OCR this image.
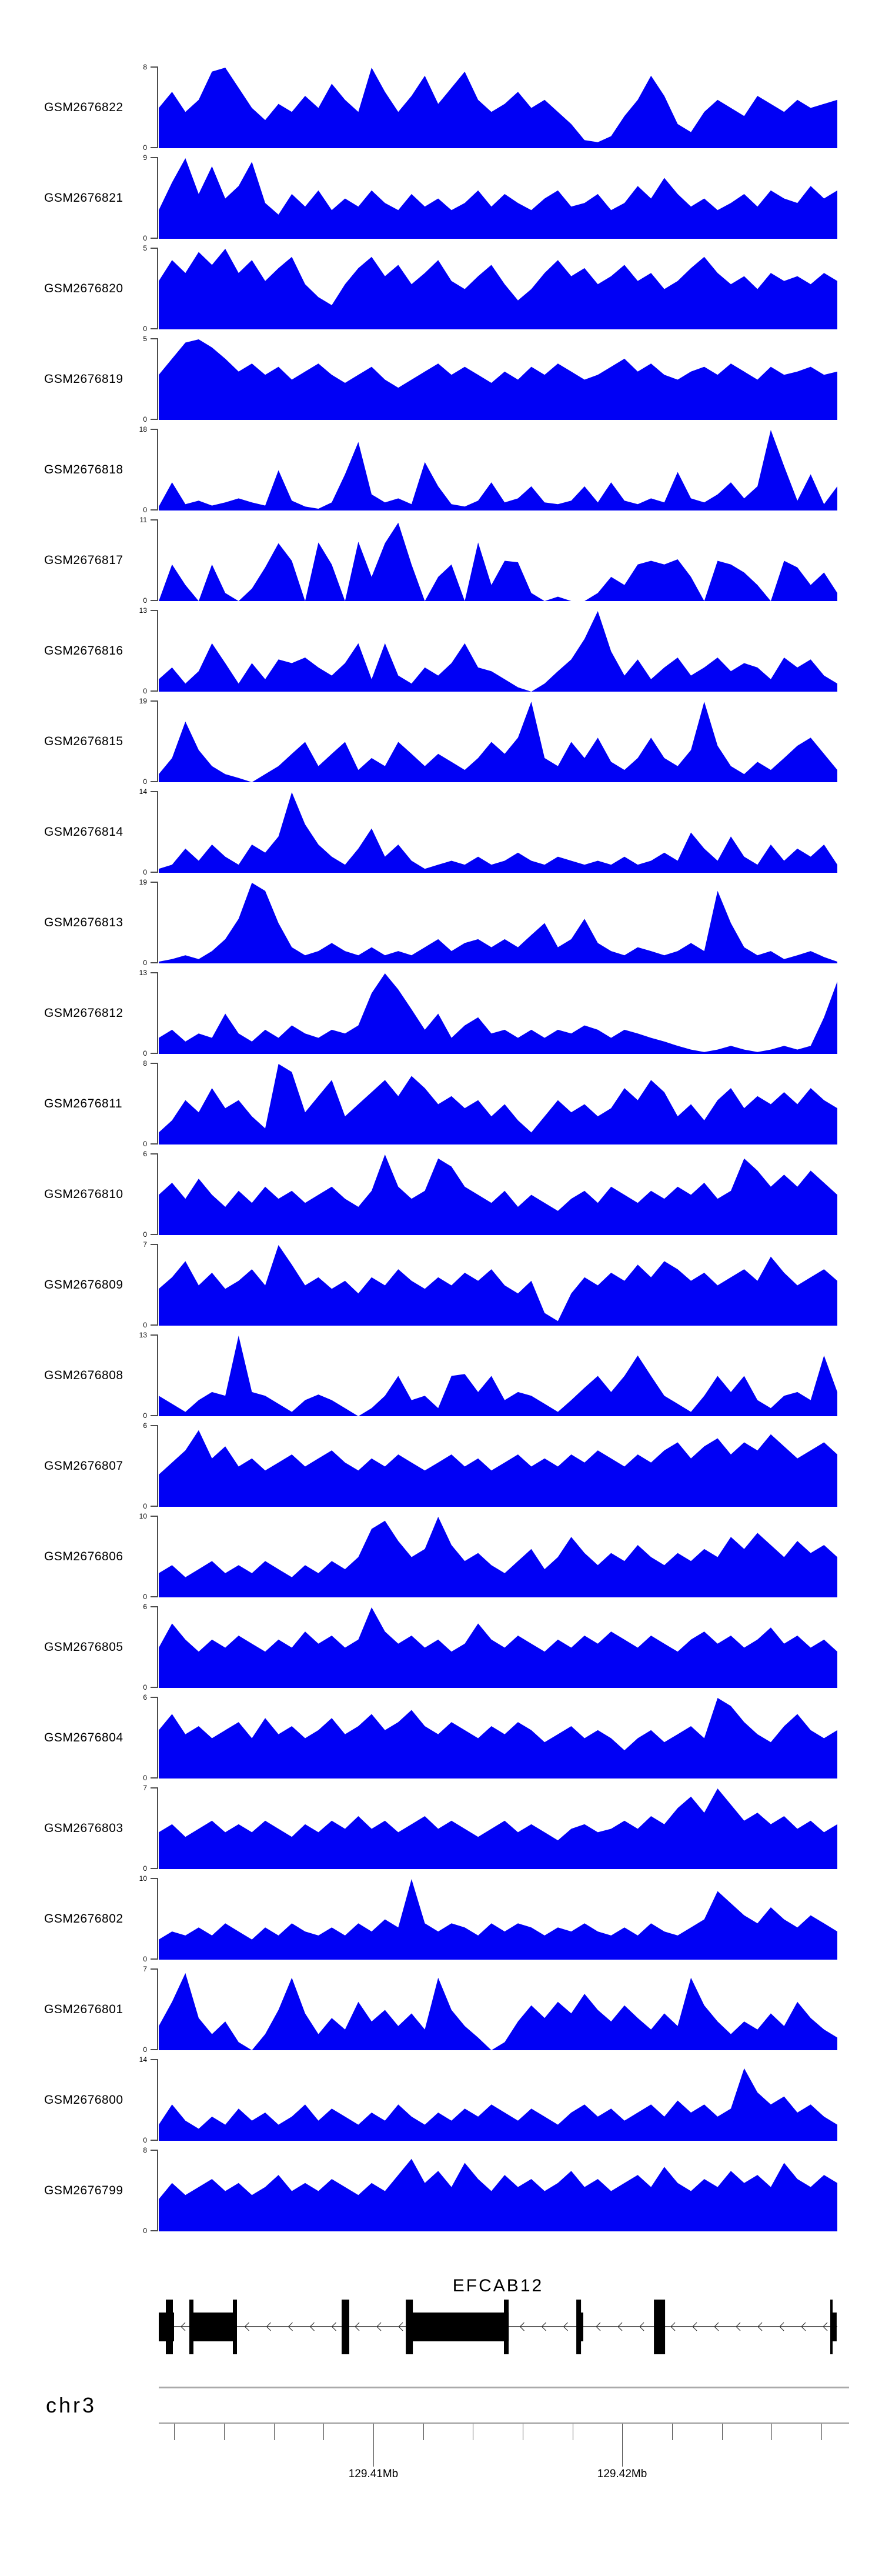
GSM2676822
8
0
GSM2676821
9
0
GSM2676820
5
0
GSM2676819
5
0
GSM2676818
18
0
GSM2676817
11
0
GSM2676816
13
0
GSM2676815
19
0
GSM2676814
14
0
GSM2676813
19
0
GSM2676812
13
0
GSM2676811
8
0
GSM2676810
6
0
GSM2676809
7
0
GSM2676808
13
0
GSM2676807
6
0
GSM2676806
10
0
GSM2676805
6
0
GSM2676804
6
0
GSM2676803
7
0
GSM2676802
10
0
GSM2676801
7
0
GSM2676800
14
0
GSM2676799
8
0
EFCAB12
chr3
129.41Mb	129.42Mb
